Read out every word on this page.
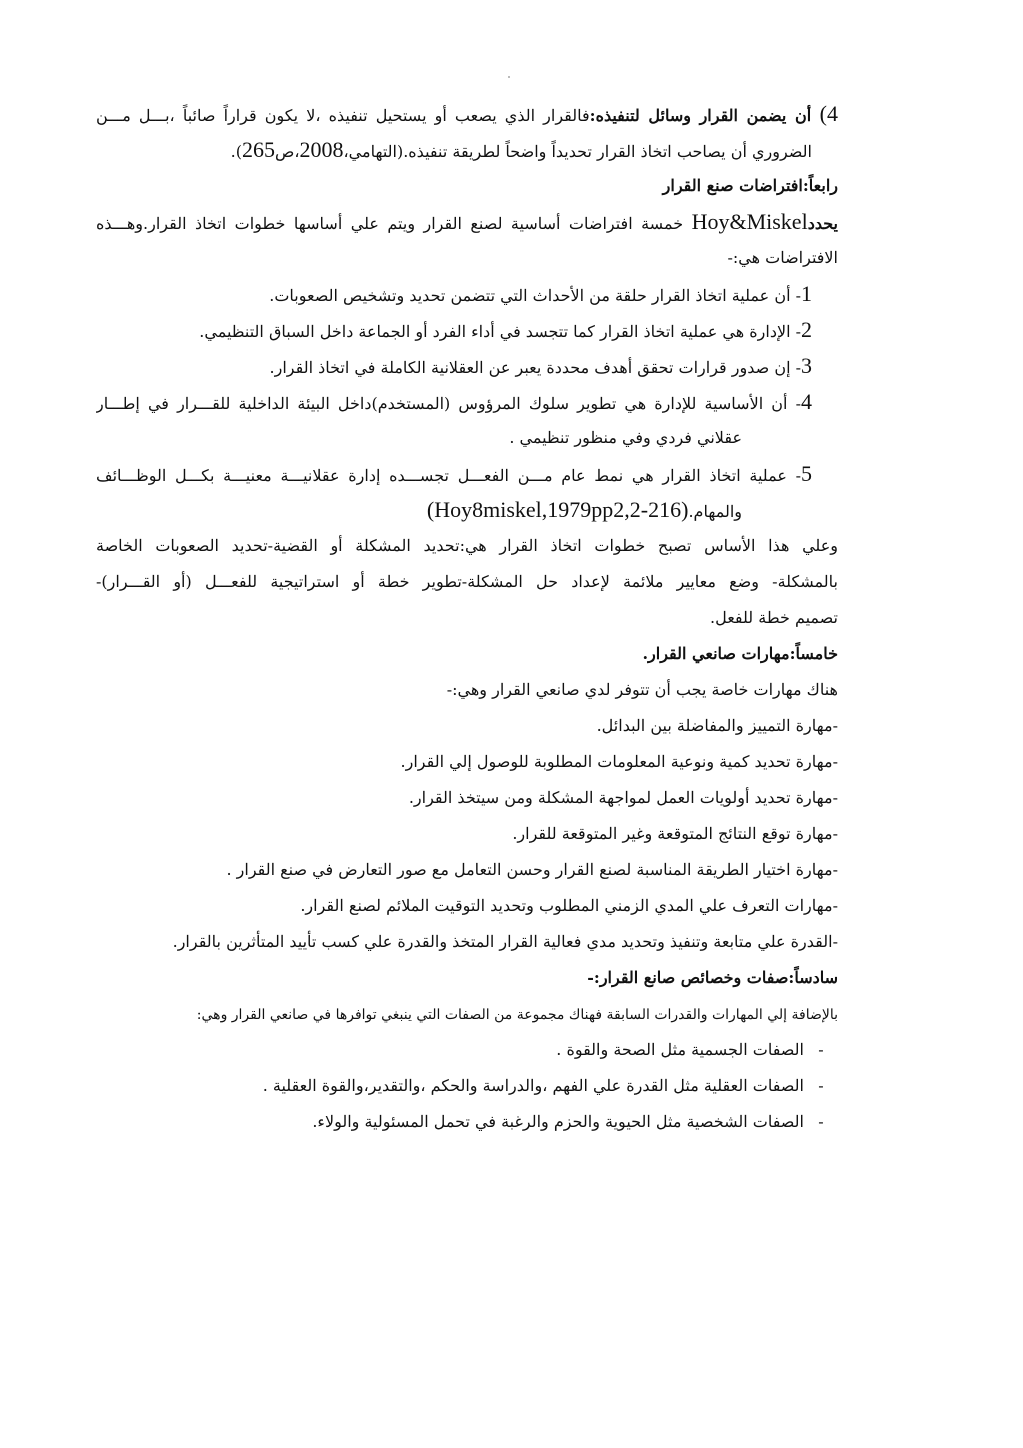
4) أن يضمن القرار وسائل لتنفيذه:فالقرار الذي يصعب أو يستحيل تنفيذه ،لا يكون قراراً صائباً ،بـــل مـــن
الضروري أن يصاحب اتخاذ القرار تحديداً واضحاً لطريقة تنفيذه.(التهامي،2008،ص265).
رابعاً:افتراضات صنع القرار
يحددHoy&Miskel خمسة افتراضات أساسية لصنع القرار ويتم علي أساسها خطوات اتخاذ القرار.وهـــذه
الافتراضات هي:-
1- أن عملية اتخاذ القرار حلقة من الأحداث التي تتضمن تحديد وتشخيص الصعوبات.
2- الإدارة هي عملية اتخاذ القرار كما تتجسد في أداء الفرد أو الجماعة داخل السباق التنظيمي.
3- إن صدور قرارات تحقق أهدف محددة يعبر عن العقلانية الكاملة في اتخاذ القرار.
4- أن الأساسية للإدارة هي تطوير سلوك المرؤوس (المستخدم)داخل البيئة الداخلية للقـــرار في إطـــار
عقلاني فردي وفي منظور تنظيمي .
5- عملية اتخاذ القرار هي نمط عام مـــن الفعـــل تجســـده إدارة عقلانيـــة معنيـــة بكـــل الوظـــائف
والمهام.(Hoy8miskel,1979pp2,2-216)
وعلي هذا الأساس تصبح خطوات اتخاذ القرار هي:تحديد المشكلة أو القضية-تحديد الصعوبات الخاصة
بالمشكلة- وضع معايير ملائمة لإعداد حل المشكلة-تطوير خطة أو استراتيجية للفعـــل (أو القـــرار)-
تصميم خطة للفعل.
خامساً:مهارات صانعي القرار.
هناك مهارات خاصة يجب أن تتوفر لدي صانعي القرار وهي:-
-مهارة التمييز والمفاضلة بين البدائل.
-مهارة تحديد كمية ونوعية المعلومات المطلوبة للوصول إلي القرار.
-مهارة تحديد أولويات العمل لمواجهة المشكلة ومن سيتخذ القرار.
-مهارة توقع النتائج المتوقعة وغير المتوقعة للقرار.
-مهارة اختيار الطريقة المناسبة لصنع القرار وحسن التعامل مع صور التعارض في صنع القرار .
-مهارات التعرف علي المدي الزمني المطلوب وتحديد التوقيت الملائم لصنع القرار.
-القدرة علي متابعة وتنفيذ وتحديد مدي فعالية القرار المتخذ والقدرة علي كسب تأييد المتأثرين بالقرار.
سادساً:صفات وخصائص صانع القرار:-
بالإضافة إلي المهارات والقدرات السابقة فهناك مجموعة من الصفات التي ينبغي توافرها في صانعي القرار وهي:
-الصفات الجسمية مثل الصحة والقوة .
-الصفات العقلية مثل القدرة علي الفهم ،والدراسة والحكم ،والتقدير،والقوة العقلية .
-الصفات الشخصية مثل الحيوية والحزم والرغبة في تحمل المسئولية والولاء.
